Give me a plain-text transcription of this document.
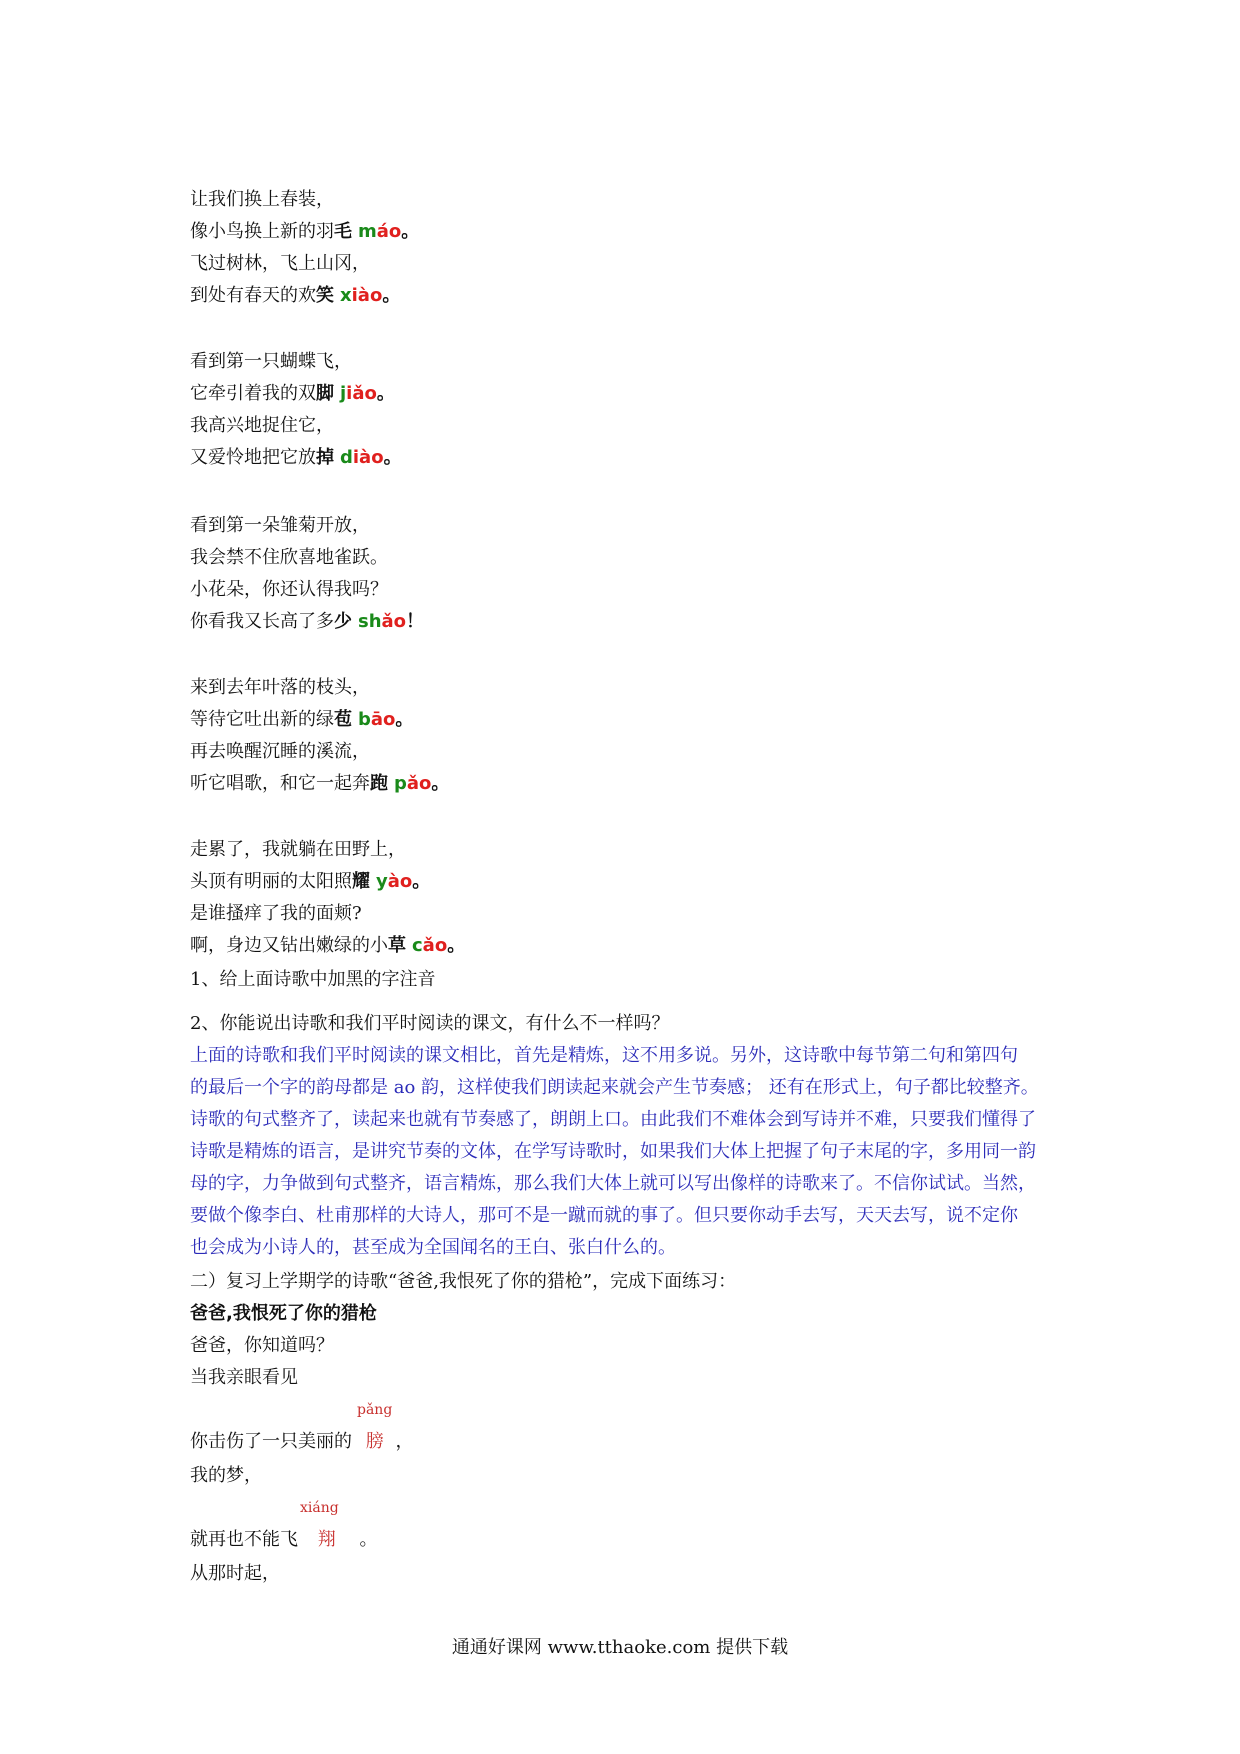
让我们换上春装，
像小鸟换上新的羽毛 máo。
飞过树林，飞上山冈，
到处有春天的欢笑 xiào。
看到第一只蝴蝶飞，
它牵引着我的双脚 jiǎo。
我高兴地捉住它，
又爱怜地把它放掉 diào。
看到第一朵雏菊开放，
我会禁不住欣喜地雀跃。
小花朵，你还认得我吗？
你看我又长高了多少 shǎo！
来到去年叶落的枝头，
等待它吐出新的绿苞 bāo。
再去唤醒沉睡的溪流，
听它唱歌，和它一起奔跑 pǎo。
走累了，我就躺在田野上，
头顶有明丽的太阳照耀 yào。
是谁搔痒了我的面颊?
啊，身边又钻出嫩绿的小草 cǎo。
1、给上面诗歌中加黑的字注音
2、你能说出诗歌和我们平时阅读的课文，有什么不一样吗？
上面的诗歌和我们平时阅读的课文相比，首先是精炼，这不用多说。另外，这诗歌中每节第二句和第四句
的最后一个字的韵母都是 ao 韵，这样使我们朗读起来就会产生节奏感； 还有在形式上，句子都比较整齐。
诗歌的句式整齐了，读起来也就有节奏感了，朗朗上口。由此我们不难体会到写诗并不难，只要我们懂得了
诗歌是精炼的语言，是讲究节奏的文体，在学写诗歌时，如果我们大体上把握了句子末尾的字，多用同一韵
母的字，力争做到句式整齐，语言精炼，那么我们大体上就可以写出像样的诗歌来了。不信你试试。当然，
要做个像李白、杜甫那样的大诗人，那可不是一蹴而就的事了。但只要你动手去写，天天去写，说不定你
也会成为小诗人的，甚至成为全国闻名的王白、张白什么的。
二）复习上学期学的诗歌“爸爸,我恨死了你的猎枪”，完成下面练习：
爸爸,我恨死了你的猎枪
爸爸，你知道吗？
当我亲眼看见
pǎng
你击伤了一只美丽的 膀 ，
我的梦，
xiáng
就再也不能飞 翔 。
从那时起，
通通好课网 www.tthaoke.com 提供下载
